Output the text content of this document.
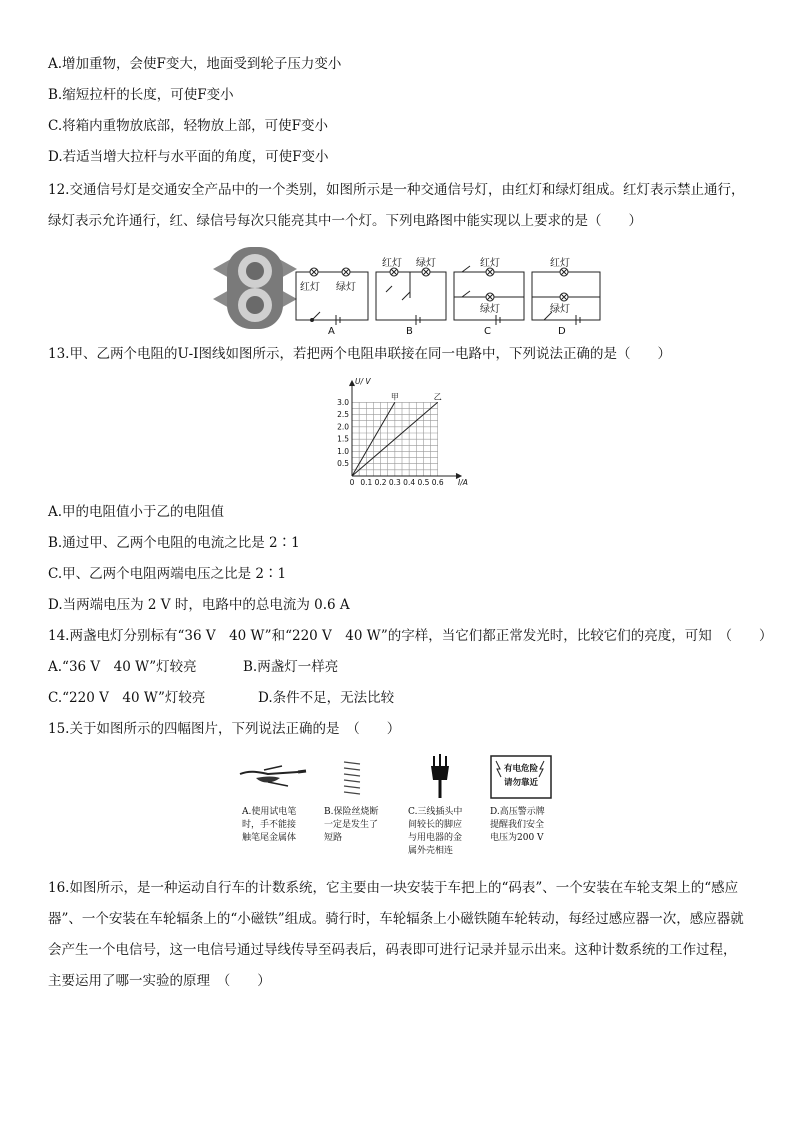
A.增加重物，会使F变大，地面受到轮子压力变小
B.缩短拉杆的长度，可使F变小
C.将箱内重物放底部，轻物放上部，可使F变小
D.若适当增大拉杆与水平面的角度，可使F变小
12.交通信号灯是交通安全产品中的一个类别，如图所示是一种交通信号灯，由红灯和绿灯组成。红灯表示禁止通行，绿灯表示允许通行，红、绿信号每次只能亮其中一个灯。下列电路图中能实现以上要求的是（　　）
红灯 绿灯
A
红灯 绿灯
B
红灯
绿灯
C
红灯
绿灯
D
13.甲、乙两个电阻的U-I图线如图所示，若把两个电阻串联接在同一电路中，下列说法正确的是（　　）
甲	乙
0 0.1 0.2 0.3 0.4 0.5 0.6
0.5
1.0
1.5
2.0
2.5
3.0
I/A
U/ V
A.甲的电阻值小于乙的电阻值
B.通过甲、乙两个电阻的电流之比是 2∶1
C.甲、乙两个电阻两端电压之比是 2∶1
D.当两端电压为 2 V 时，电路中的总电流为 0.6 A
14.两盏电灯分别标有“36 V　40 W”和“220 V　40 W”的字样，当它们都正常发光时，比较它们的亮度，可知　（　　）
A.“36 V　40 W”灯较亮	B.两盏灯一样亮
C.“220 V　40 W”灯较亮	D.条件不足，无法比较
15.关于如图所示的四幅图片，下列说法正确的是　（　　）
有电危险
请勿靠近
A.使用试电笔
时，手不能接
触笔尾金属体
B.保险丝烧断
一定是发生了
短路
C.三线插头中
间较长的脚应
与用电器的金
属外壳相连
D.高压警示牌
提醒我们安全
电压为200 V
16.如图所示，是一种运动自行车的计数系统，它主要由一块安装于车把上的“码表”、一个安装在车轮支架上的“感应器”、一个安装在车轮辐条上的“小磁铁”组成。骑行时，车轮辐条上小磁铁随车轮转动，每经过感应器一次，感应器就会产生一个电信号，这一电信号通过导线传导至码表后，码表即可进行记录并显示出来。这种计数系统的工作过程，主要运用了哪一实验的原理　（　　）
